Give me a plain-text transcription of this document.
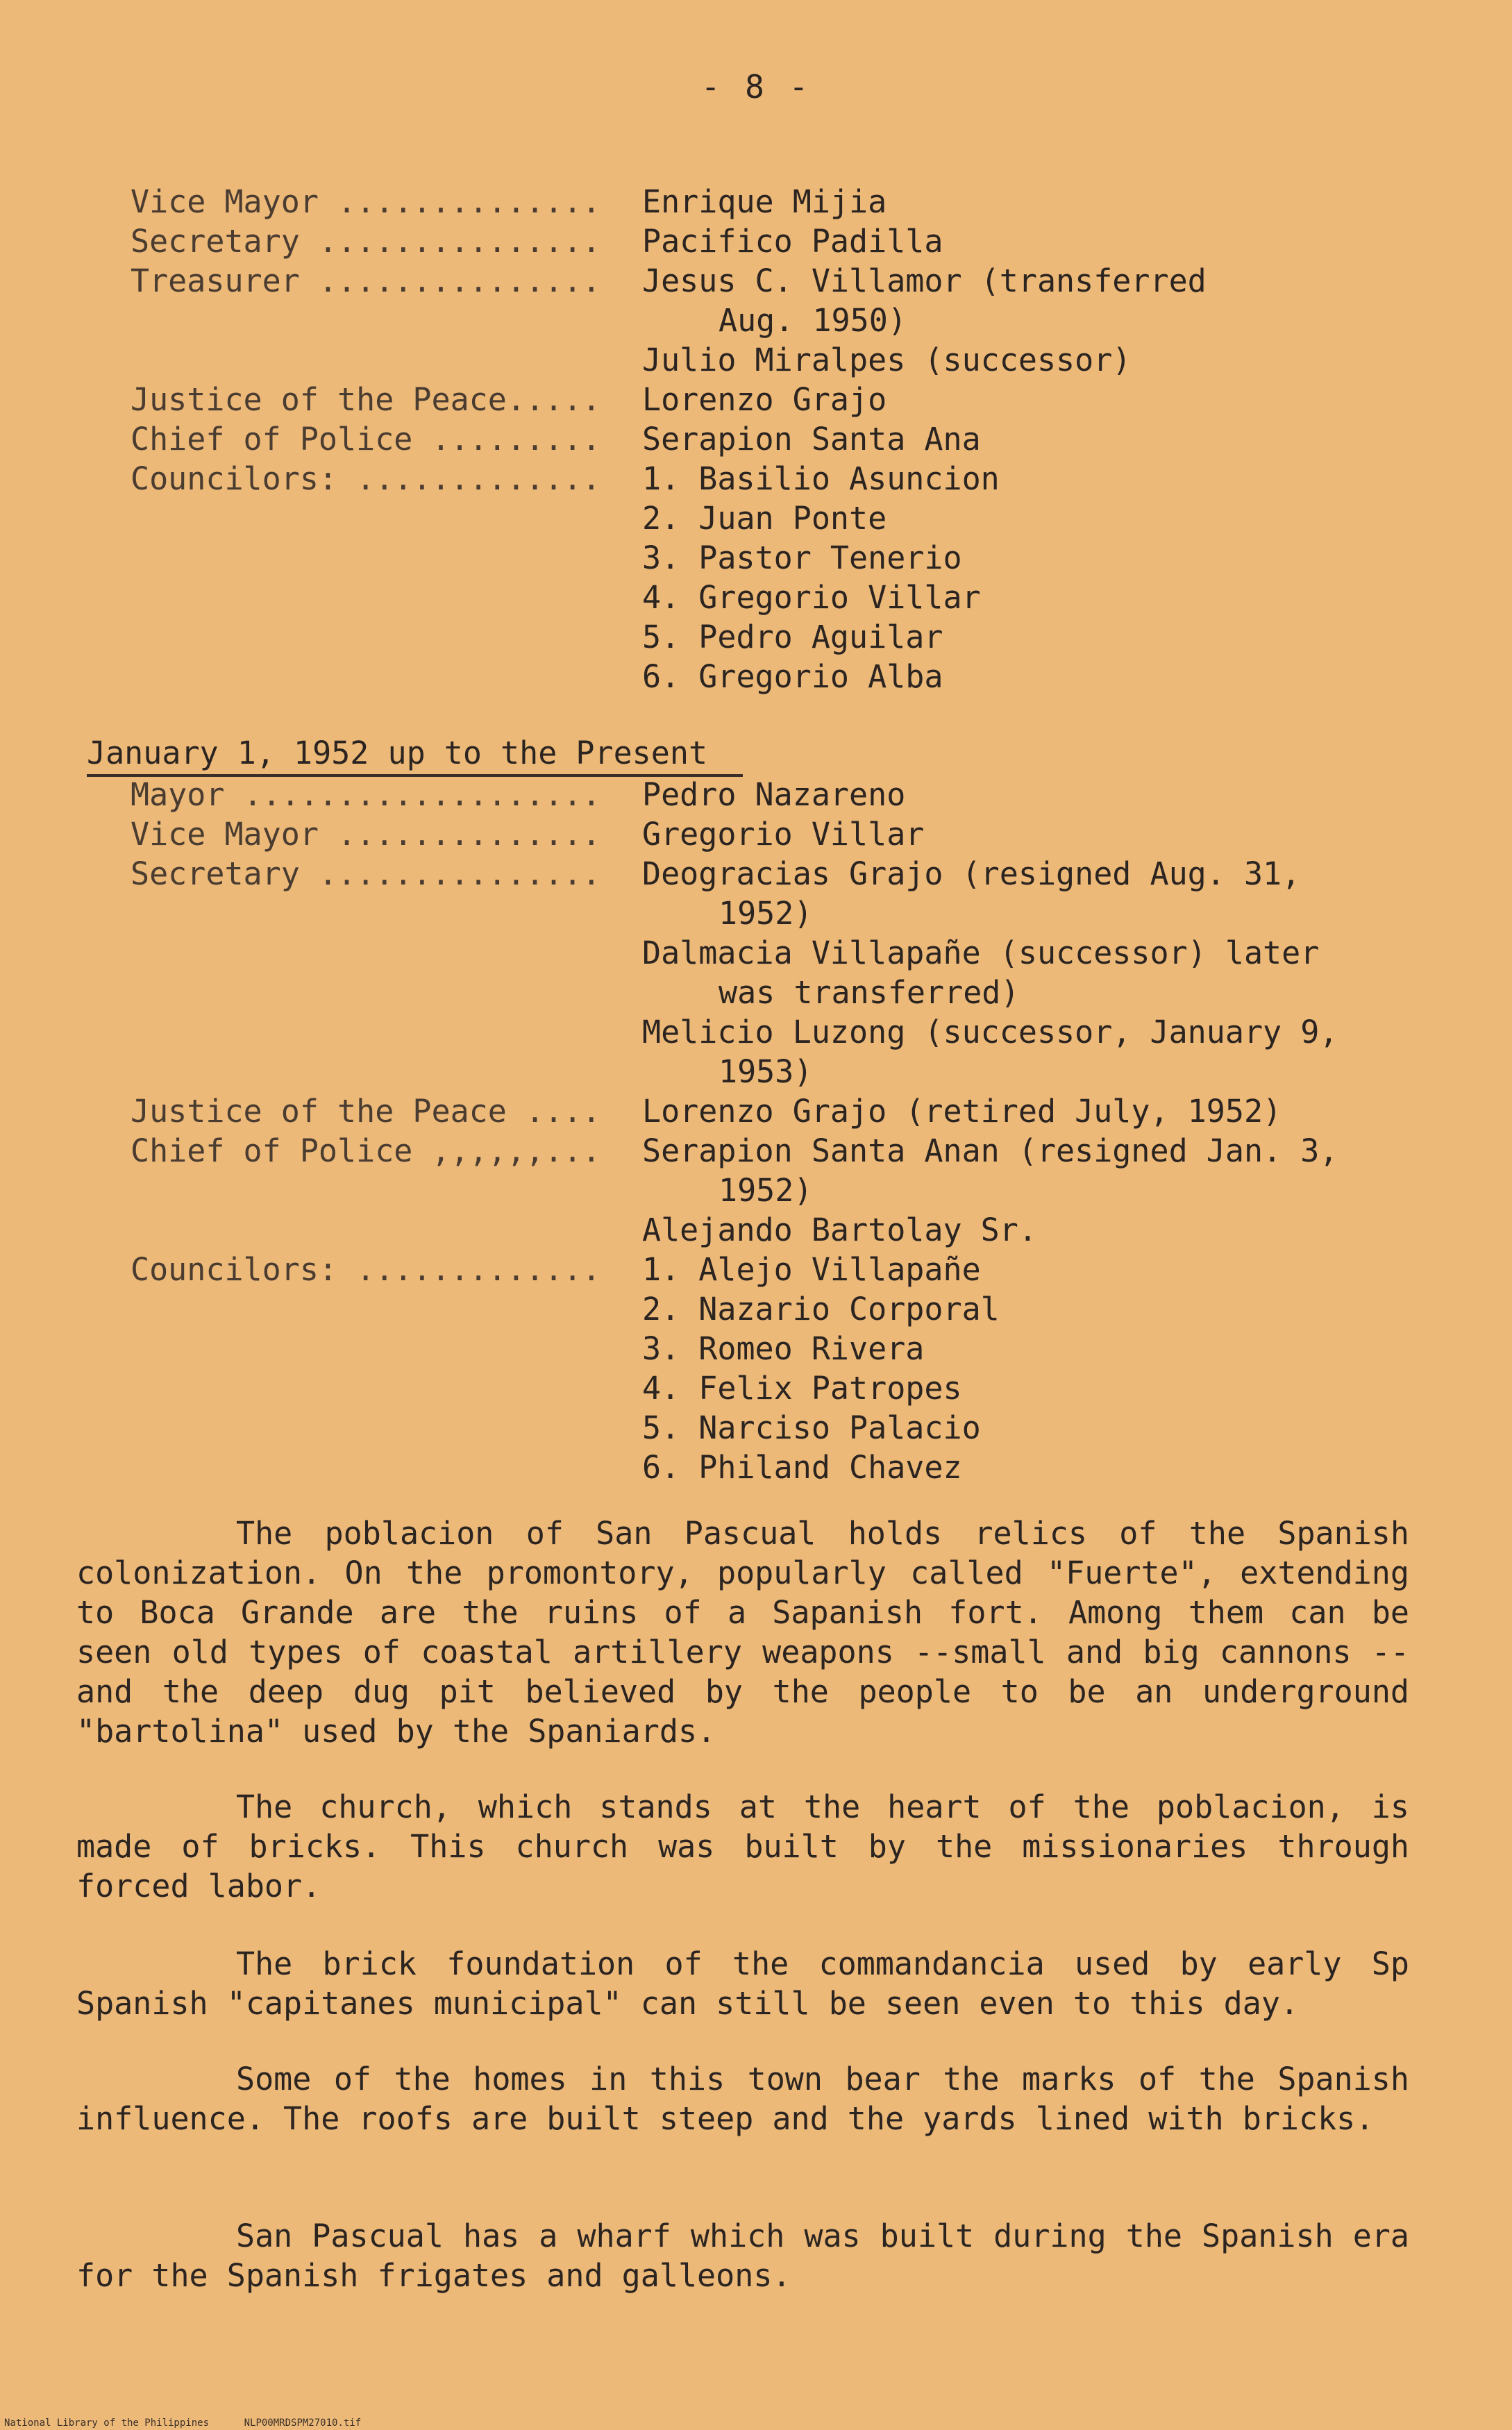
- 8 -
Vice Mayor .............. Enrique Mijia
Secretary ............... Pacifico Padilla
Treasurer ............... Jesus C. Villamor (transferred
Aug. 1950)
Julio Miralpes (successor)
Justice of the Peace..... Lorenzo Grajo
Chief of Police ......... Serapion Santa Ana
Councilors: ............. 1. Basilio Asuncion
2. Juan Ponte
3. Pastor Tenerio
4. Gregorio Villar
5. Pedro Aguilar
6. Gregorio Alba
January 1, 1952 up to the Present
Mayor ................... Pedro Nazareno
Vice Mayor .............. Gregorio Villar
Secretary ............... Deogracias Grajo (resigned Aug. 31,
1952)
Dalmacia Villapañe (successor) later
was transferred)
Melicio Luzong (successor, January 9,
1953)
Justice of the Peace .... Lorenzo Grajo (retired July, 1952)
Chief of Police ,,,,,,... Serapion Santa Anan (resigned Jan. 3,
1952)
Alejando Bartolay Sr.
Councilors: ............. 1. Alejo Villapañe
2. Nazario Corporal
3. Romeo Rivera
4. Felix Patropes
5. Narciso Palacio
6. Philand Chavez
The poblacion of San Pascual holds relics of the Spanish colonization. On the promontory, popularly called "Fuerte", extending to Boca Grande are the ruins of a Sapanish fort. Among them can be seen old types of coastal artillery weapons --small and big cannons -- and the deep dug pit believed by the people to be an underground "bartolina" used by the Spaniards.
The church, which stands at the heart of the poblacion, is made of bricks. This church was built by the missionaries through forced labor.
The brick foundation of the commandancia used by early Sp Spanish "capitanes municipal" can still be seen even to this day.
Some of the homes in this town bear the marks of the Spanish influence. The roofs are built steep and the yards lined with bricks.
San Pascual has a wharf which was built during the Spanish era for the Spanish frigates and galleons.
National Library of the Philippines	NLP00MRDSPM27010.tif
